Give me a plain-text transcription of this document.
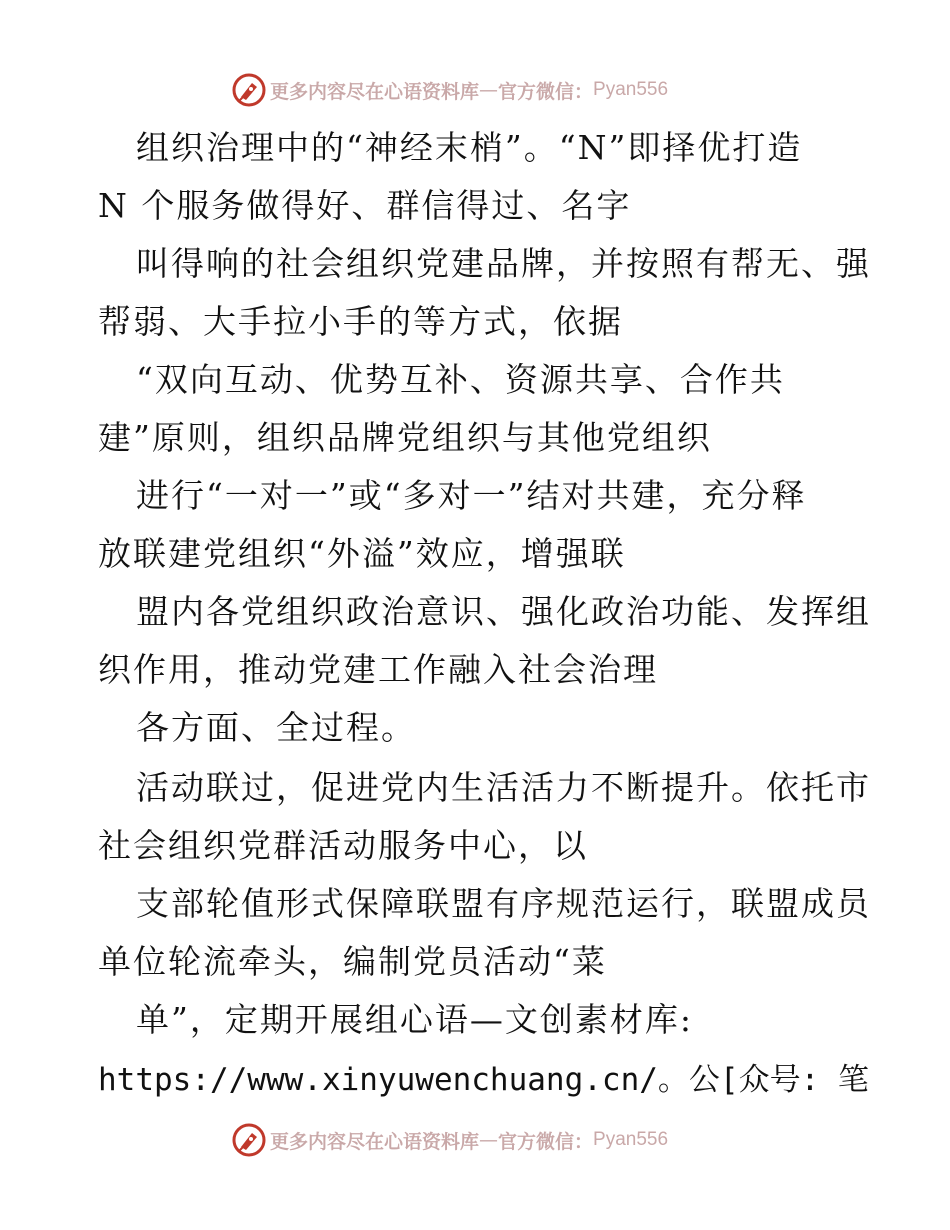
更多内容尽在心语资料库 — 官方微信： Pyan556
组织治理中的“神经末梢”。“N”即择优打造
N 个服务做得好、群信得过、名字
叫得响的社会组织党建品牌，并按照有帮无、强
帮弱、大手拉小手的等方式，依据
“双向互动、优势互补、资源共享、合作共
建”原则，组织品牌党组织与其他党组织
进行“一对一”或“多对一”结对共建，充分释
放联建党组织“外溢”效应，增强联
盟内各党组织政治意识、强化政治功能、发挥组
织作用，推动党建工作融入社会治理
各方面、全过程。
活动联过，促进党内生活活力不断提升。依托市
社会组织党群活动服务中心，以
支部轮值形式保障联盟有序规范运行，联盟成员
单位轮流牵头，编制党员活动“菜
单”，定期开展组心语—文创素材库:
https://www.xinyuwenchuang.cn/。公[众号: 笔
更多内容尽在心语资料库 — 官方微信： Pyan556
